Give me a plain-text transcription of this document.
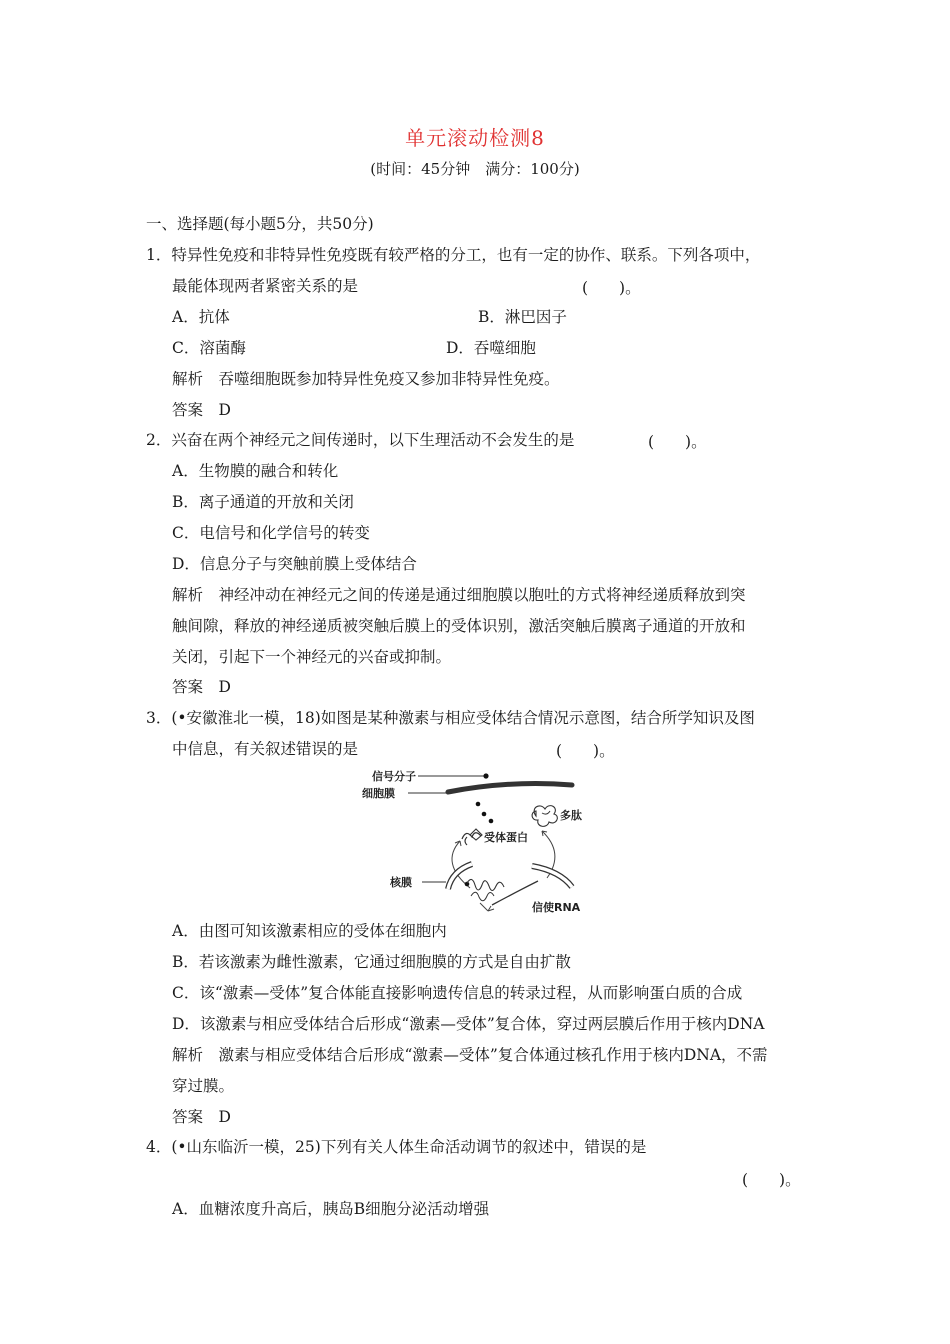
单元滚动检测8
(时间：45分钟　满分：100分)
一、选择题(每小题5分，共50分)
1．特异性免疫和非特异性免疫既有较严格的分工，也有一定的协作、联系。下列各项中，
最能体现两者紧密关系的是	(　　)。
A．抗体	B．淋巴因子
C．溶菌酶	D．吞噬细胞
解析　吞噬细胞既参加特异性免疫又参加非特异性免疫。
答案　D
2．兴奋在两个神经元之间传递时，以下生理活动不会发生的是	(　　)。
A．生物膜的融合和转化
B．离子通道的开放和关闭
C．电信号和化学信号的转变
D．信息分子与突触前膜上受体结合
解析　神经冲动在神经元之间的传递是通过细胞膜以胞吐的方式将神经递质释放到突
触间隙，释放的神经递质被突触后膜上的受体识别，激活突触后膜离子通道的开放和
关闭，引起下一个神经元的兴奋或抑制。
答案　D
3．(•安徽淮北一模，18)如图是某种激素与相应受体结合情况示意图，结合所学知识及图
中信息，有关叙述错误的是	(　　)。
信号分子
细胞膜
多肽
受体蛋白
核膜
信使RNA
A．由图可知该激素相应的受体在细胞内
B．若该激素为雌性激素，它通过细胞膜的方式是自由扩散
C．该“激素—受体”复合体能直接影响遗传信息的转录过程，从而影响蛋白质的合成
D．该激素与相应受体结合后形成“激素—受体”复合体，穿过两层膜后作用于核内DNA
解析　激素与相应受体结合后形成“激素—受体”复合体通过核孔作用于核内DNA，不需
穿过膜。
答案　D
4．(•山东临沂一模，25)下列有关人体生命活动调节的叙述中，错误的是
(　　)。
A．血糖浓度升高后，胰岛B细胞分泌活动增强
